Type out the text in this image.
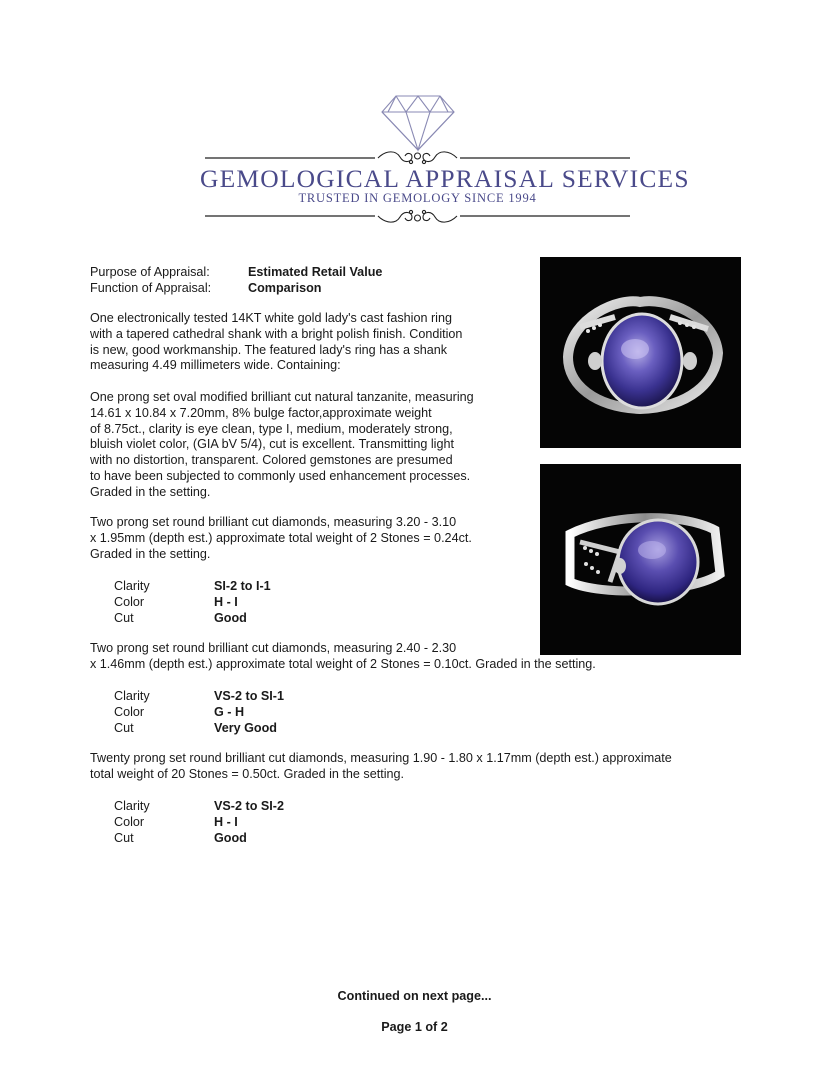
GEMOLOGICAL APPRAISAL SERVICES
TRUSTED IN GEMOLOGY SINCE 1994
Purpose of Appraisal:	Estimated Retail Value
Function of Appraisal:	Comparison
One electronically tested 14KT white gold lady's cast fashion ring
with a tapered cathedral shank with a bright polish finish. Condition
is new, good workmanship. The featured lady's ring has a shank
measuring 4.49 millimeters wide. Containing:
One prong set oval modified brilliant cut natural tanzanite, measuring
14.61 x 10.84 x 7.20mm, 8% bulge factor,approximate weight
of 8.75ct., clarity is eye clean, type I, medium, moderately strong,
bluish violet color, (GIA bV 5/4), cut is excellent. Transmitting light
with no distortion, transparent. Colored gemstones are presumed
to have been subjected to commonly used enhancement processes.
Graded in the setting.
Two prong set round brilliant cut diamonds, measuring 3.20 - 3.10
x 1.95mm (depth est.) approximate total weight of 2 Stones = 0.24ct.
Graded in the setting.
Clarity
Color
Cut
SI-2 to I-1
H - I
Good
Two prong set round brilliant cut diamonds, measuring 2.40 - 2.30
x 1.46mm (depth est.) approximate total weight of 2 Stones = 0.10ct. Graded in the setting.
Clarity
Color
Cut
VS-2 to SI-1
G - H
Very Good
Twenty prong set round brilliant cut diamonds, measuring 1.90 - 1.80 x 1.17mm (depth est.) approximate
total weight of 20 Stones = 0.50ct. Graded in the setting.
Clarity
Color
Cut
VS-2 to SI-2
H - I
Good
Continued on next page...
Page 1 of 2
